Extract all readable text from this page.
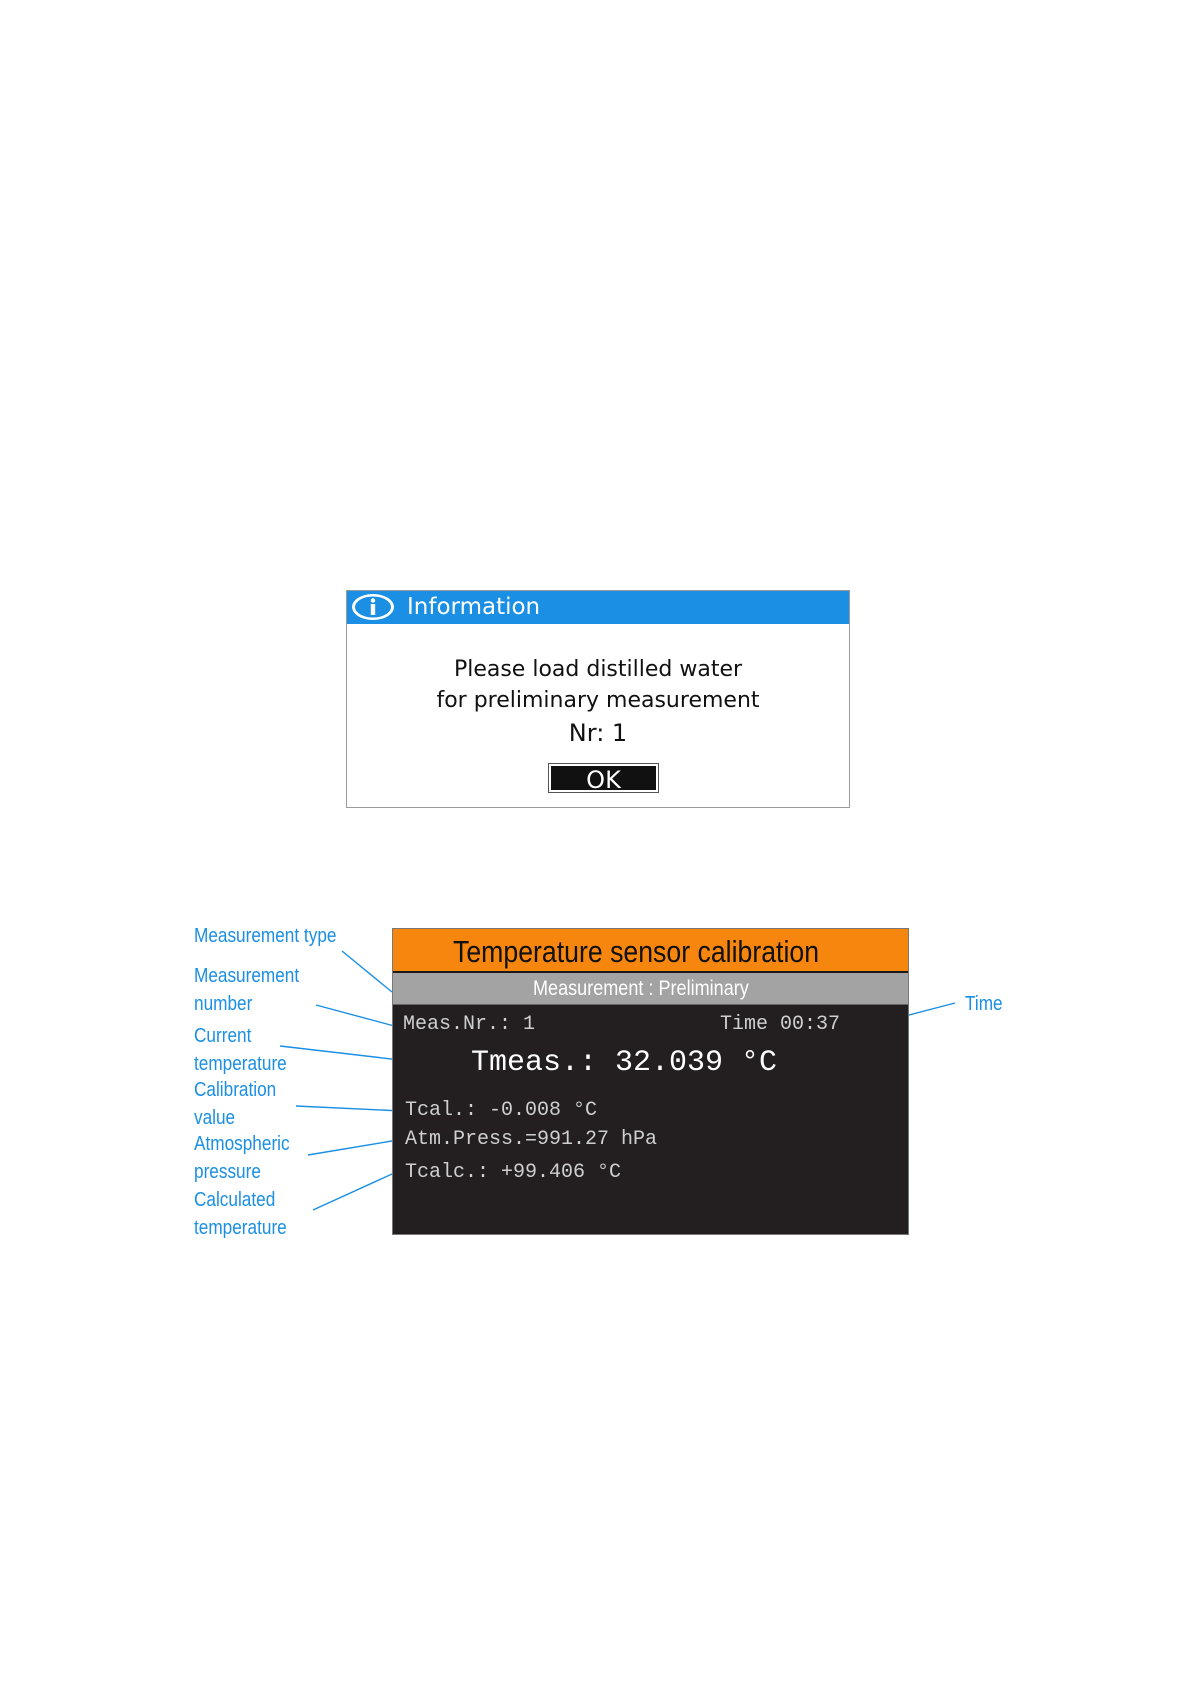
Information
Please load distilled water
for preliminary measurement
Nr: 1
OK
Measurement type
Measurement
number
Current
temperature
Calibration
value
Atmospheric
pressure
Calculated
temperature
Time
Temperature sensor calibration
Measurement : Preliminary
Meas.Nr.: 1	Time 00:37
Tmeas.: 32.039 °C
Tcal.: -0.008 °C
Atm.Press.=991.27 hPa
Tcalc.: +99.406 °C
